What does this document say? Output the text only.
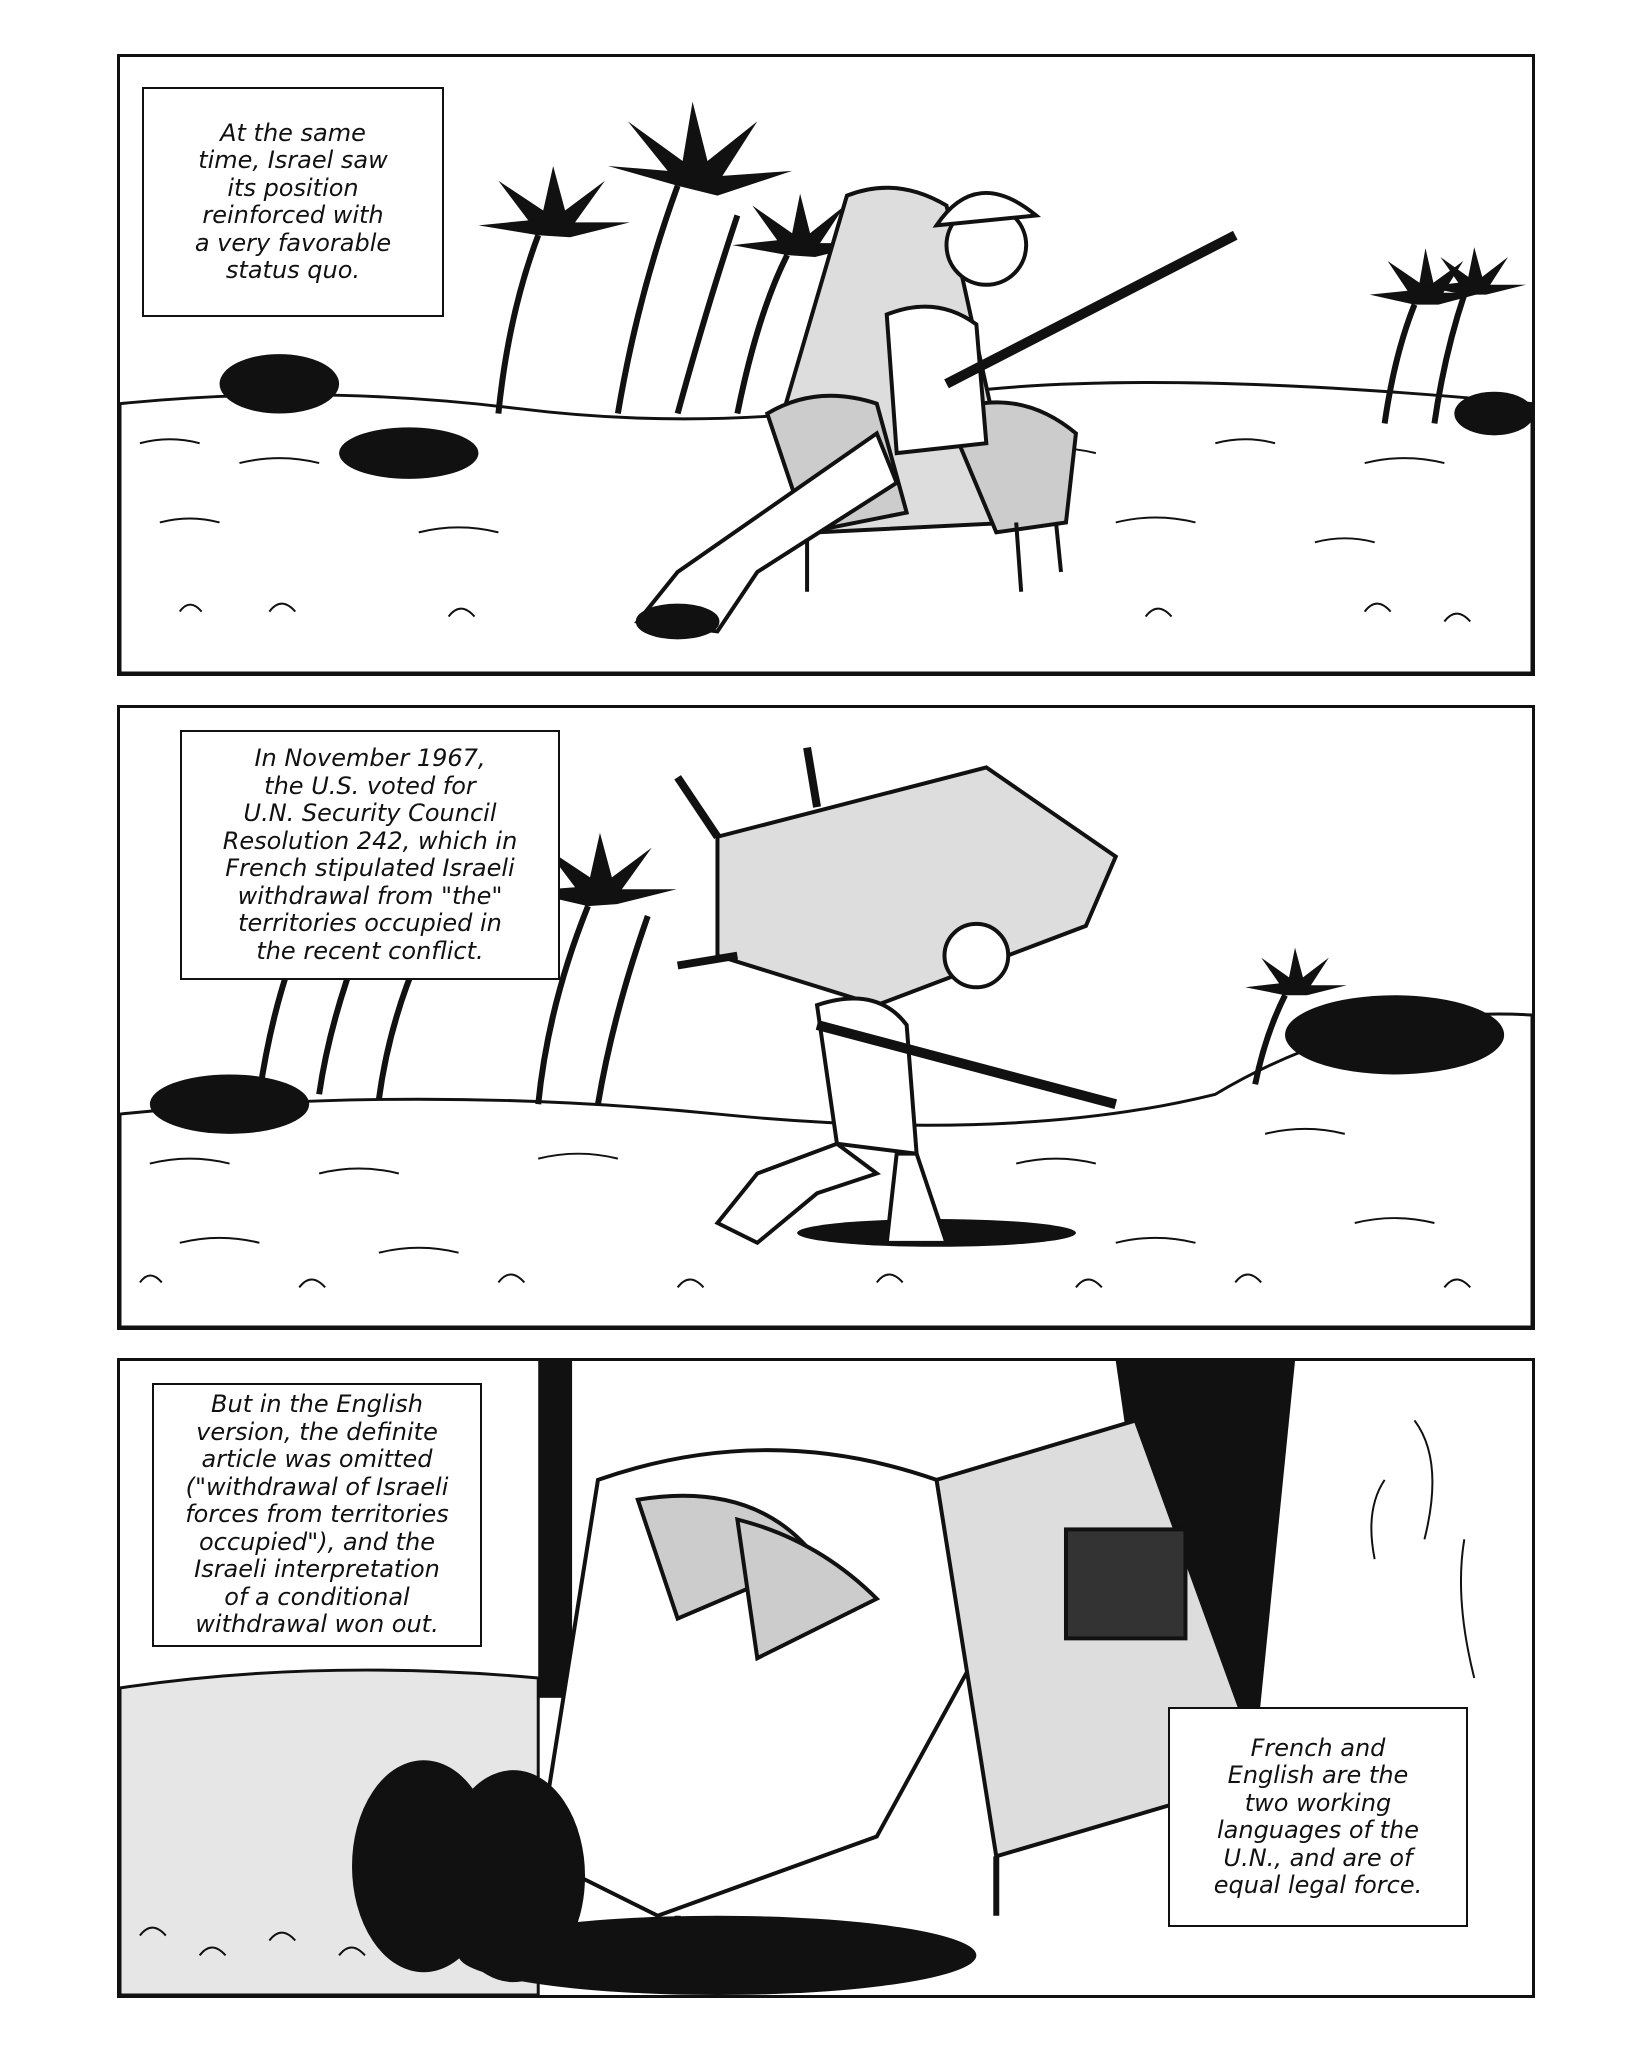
At the same
time, Israel saw
its position
reinforced with
a very favorable
status quo.
In November 1967,
the U.S. voted for
U.N. Security Council
Resolution 242, which in
French stipulated Israeli
withdrawal from "the"
territories occupied in
the recent conflict.
But in the English
version, the definite
article was omitted
("withdrawal of Israeli
forces from territories
occupied"), and the
Israeli interpretation
of a conditional
withdrawal won out.
French and
English are the
two working
languages of the
U.N., and are of
equal legal force.
